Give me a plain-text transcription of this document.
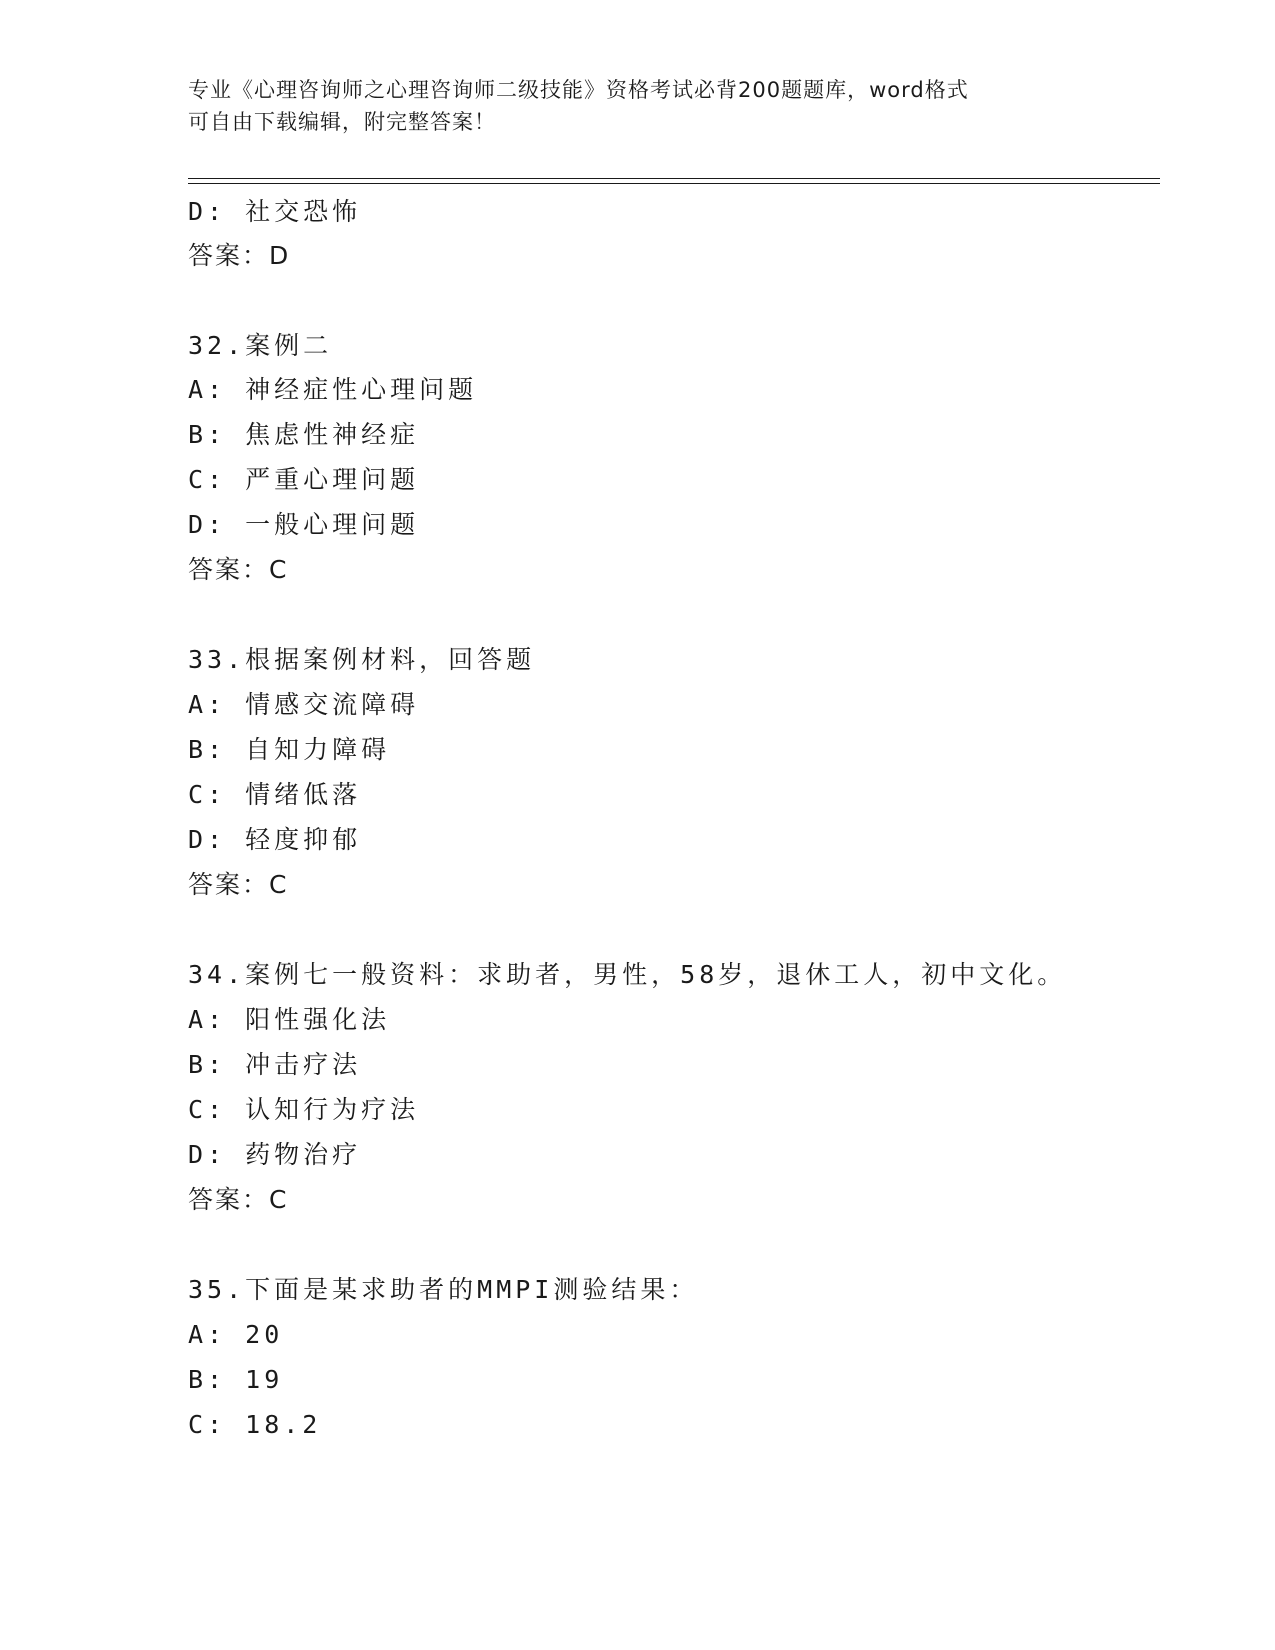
专业《心理咨询师之心理咨询师二级技能》资格考试必背200题题库，word格式
可自由下载编辑，附完整答案！
D: 社交恐怖
答案：D
32.案例二
A: 神经症性心理问题
B: 焦虑性神经症
C: 严重心理问题
D: 一般心理问题
答案：C
33.根据案例材料，回答题
A: 情感交流障碍
B: 自知力障碍
C: 情绪低落
D: 轻度抑郁
答案：C
34.案例七一般资料：求助者，男性，58岁，退休工人，初中文化。
A: 阳性强化法
B: 冲击疗法
C: 认知行为疗法
D: 药物治疗
答案：C
35.下面是某求助者的MMPI测验结果：
A: 20
B: 19
C: 18.2
